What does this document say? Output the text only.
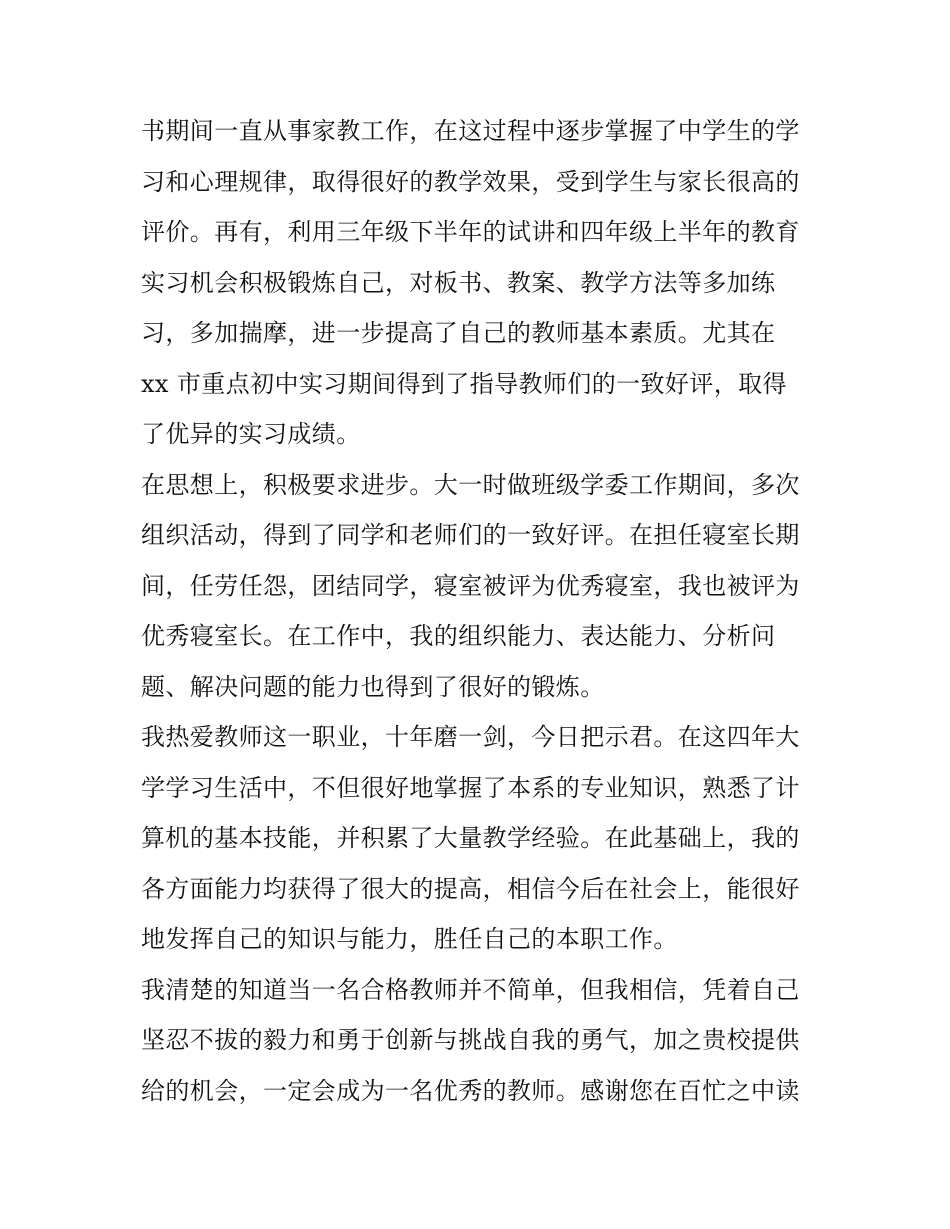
书期间一直从事家教工作，在这过程中逐步掌握了中学生的学
习和心理规律，取得很好的教学效果，受到学生与家长很高的
评价。再有，利用三年级下半年的试讲和四年级上半年的教育
实习机会积极锻炼自己，对板书、教案、教学方法等多加练
习，多加揣摩，进一步提高了自己的教师基本素质。尤其在
xx 市重点初中实习期间得到了指导教师们的一致好评，取得
了优异的实习成绩。
在思想上，积极要求进步。大一时做班级学委工作期间，多次
组织活动，得到了同学和老师们的一致好评。在担任寝室长期
间，任劳任怨，团结同学，寝室被评为优秀寝室，我也被评为
优秀寝室长。在工作中，我的组织能力、表达能力、分析问
题、解决问题的能力也得到了很好的锻炼。
我热爱教师这一职业，十年磨一剑，今日把示君。在这四年大
学学习生活中，不但很好地掌握了本系的专业知识，熟悉了计
算机的基本技能，并积累了大量教学经验。在此基础上，我的
各方面能力均获得了很大的提高，相信今后在社会上，能很好
地发挥自己的知识与能力，胜任自己的本职工作。
我清楚的知道当一名合格教师并不简单，但我相信，凭着自己
坚忍不拔的毅力和勇于创新与挑战自我的勇气，加之贵校提供
给的机会，一定会成为一名优秀的教师。感谢您在百忙之中读
